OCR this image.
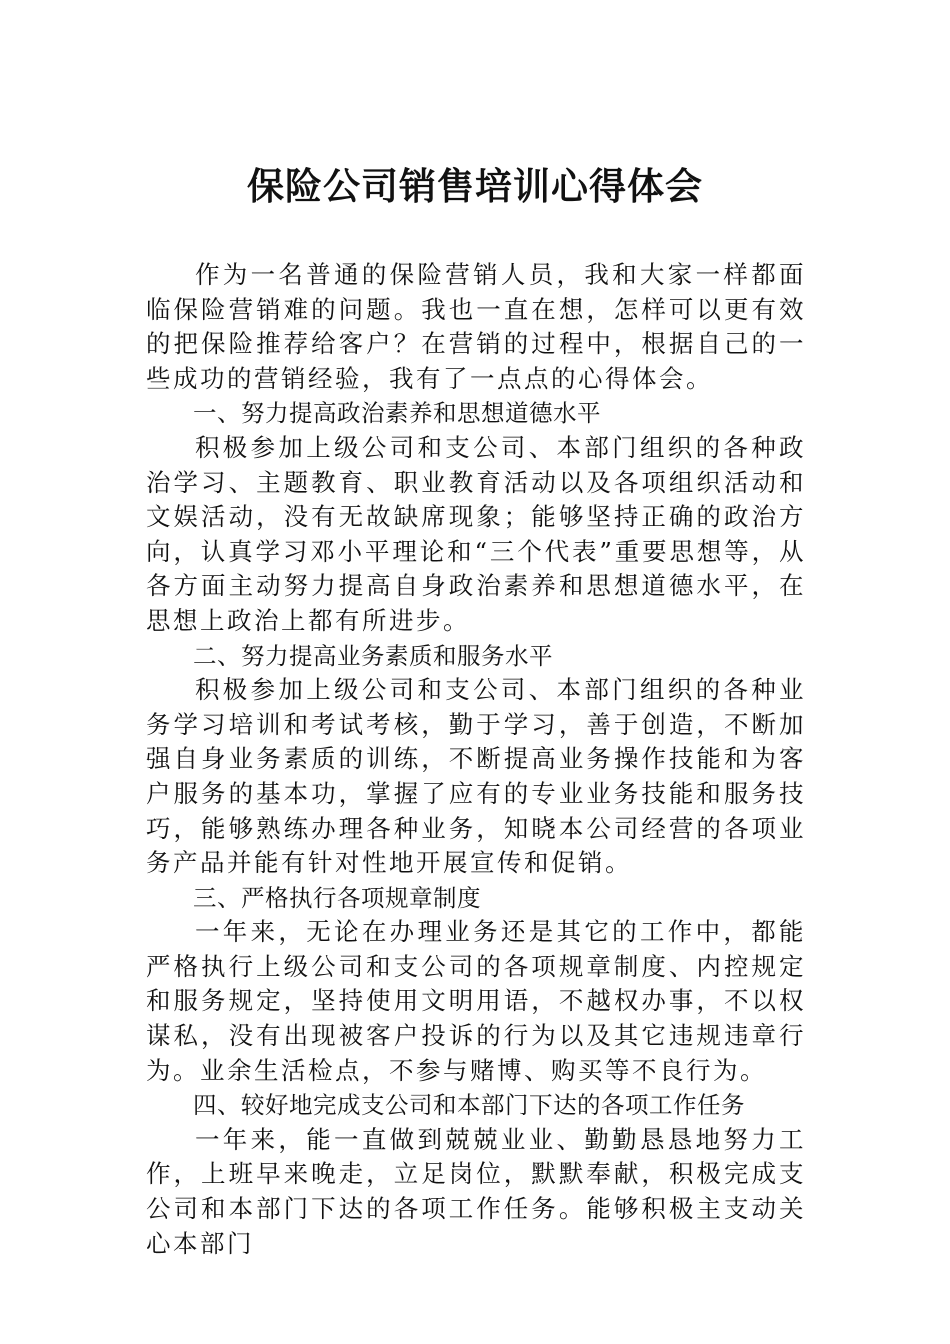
保险公司销售培训心得体会

作为一名普通的保险营销人员，我和大家一样都面临保险营销难的问题。我也一直在想，怎样可以更有效的把保险推荐给客户？在营销的过程中，根据自己的一些成功的营销经验，我有了一点点的心得体会。

一、努力提高政治素养和思想道德水平

积极参加上级公司和支公司、本部门组织的各种政治学习、主题教育、职业教育活动以及各项组织活动和文娱活动，没有无故缺席现象；能够坚持正确的政治方向，认真学习邓小平理论和“三个代表”重要思想等，从各方面主动努力提高自身政治素养和思想道德水平，在思想上政治上都有所进步。

二、努力提高业务素质和服务水平

积极参加上级公司和支公司、本部门组织的各种业务学习培训和考试考核，勤于学习，善于创造，不断加强自身业务素质的训练，不断提高业务操作技能和为客户服务的基本功，掌握了应有的专业业务技能和服务技巧，能够熟练办理各种业务，知晓本公司经营的各项业务产品并能有针对性地开展宣传和促销。

三、严格执行各项规章制度

一年来，无论在办理业务还是其它的工作中，都能严格执行上级公司和支公司的各项规章制度、内控规定和服务规定，坚持使用文明用语，不越权办事，不以权谋私，没有出现被客户投诉的行为以及其它违规违章行为。业余生活检点，不参与赌博、购买等不良行为。

四、较好地完成支公司和本部门下达的各项工作任务

一年来，能一直做到兢兢业业、勤勤恳恳地努力工作，上班早来晚走，立足岗位，默默奉献，积极完成支公司和本部门下达的各项工作任务。能够积极主支动关心本部门
